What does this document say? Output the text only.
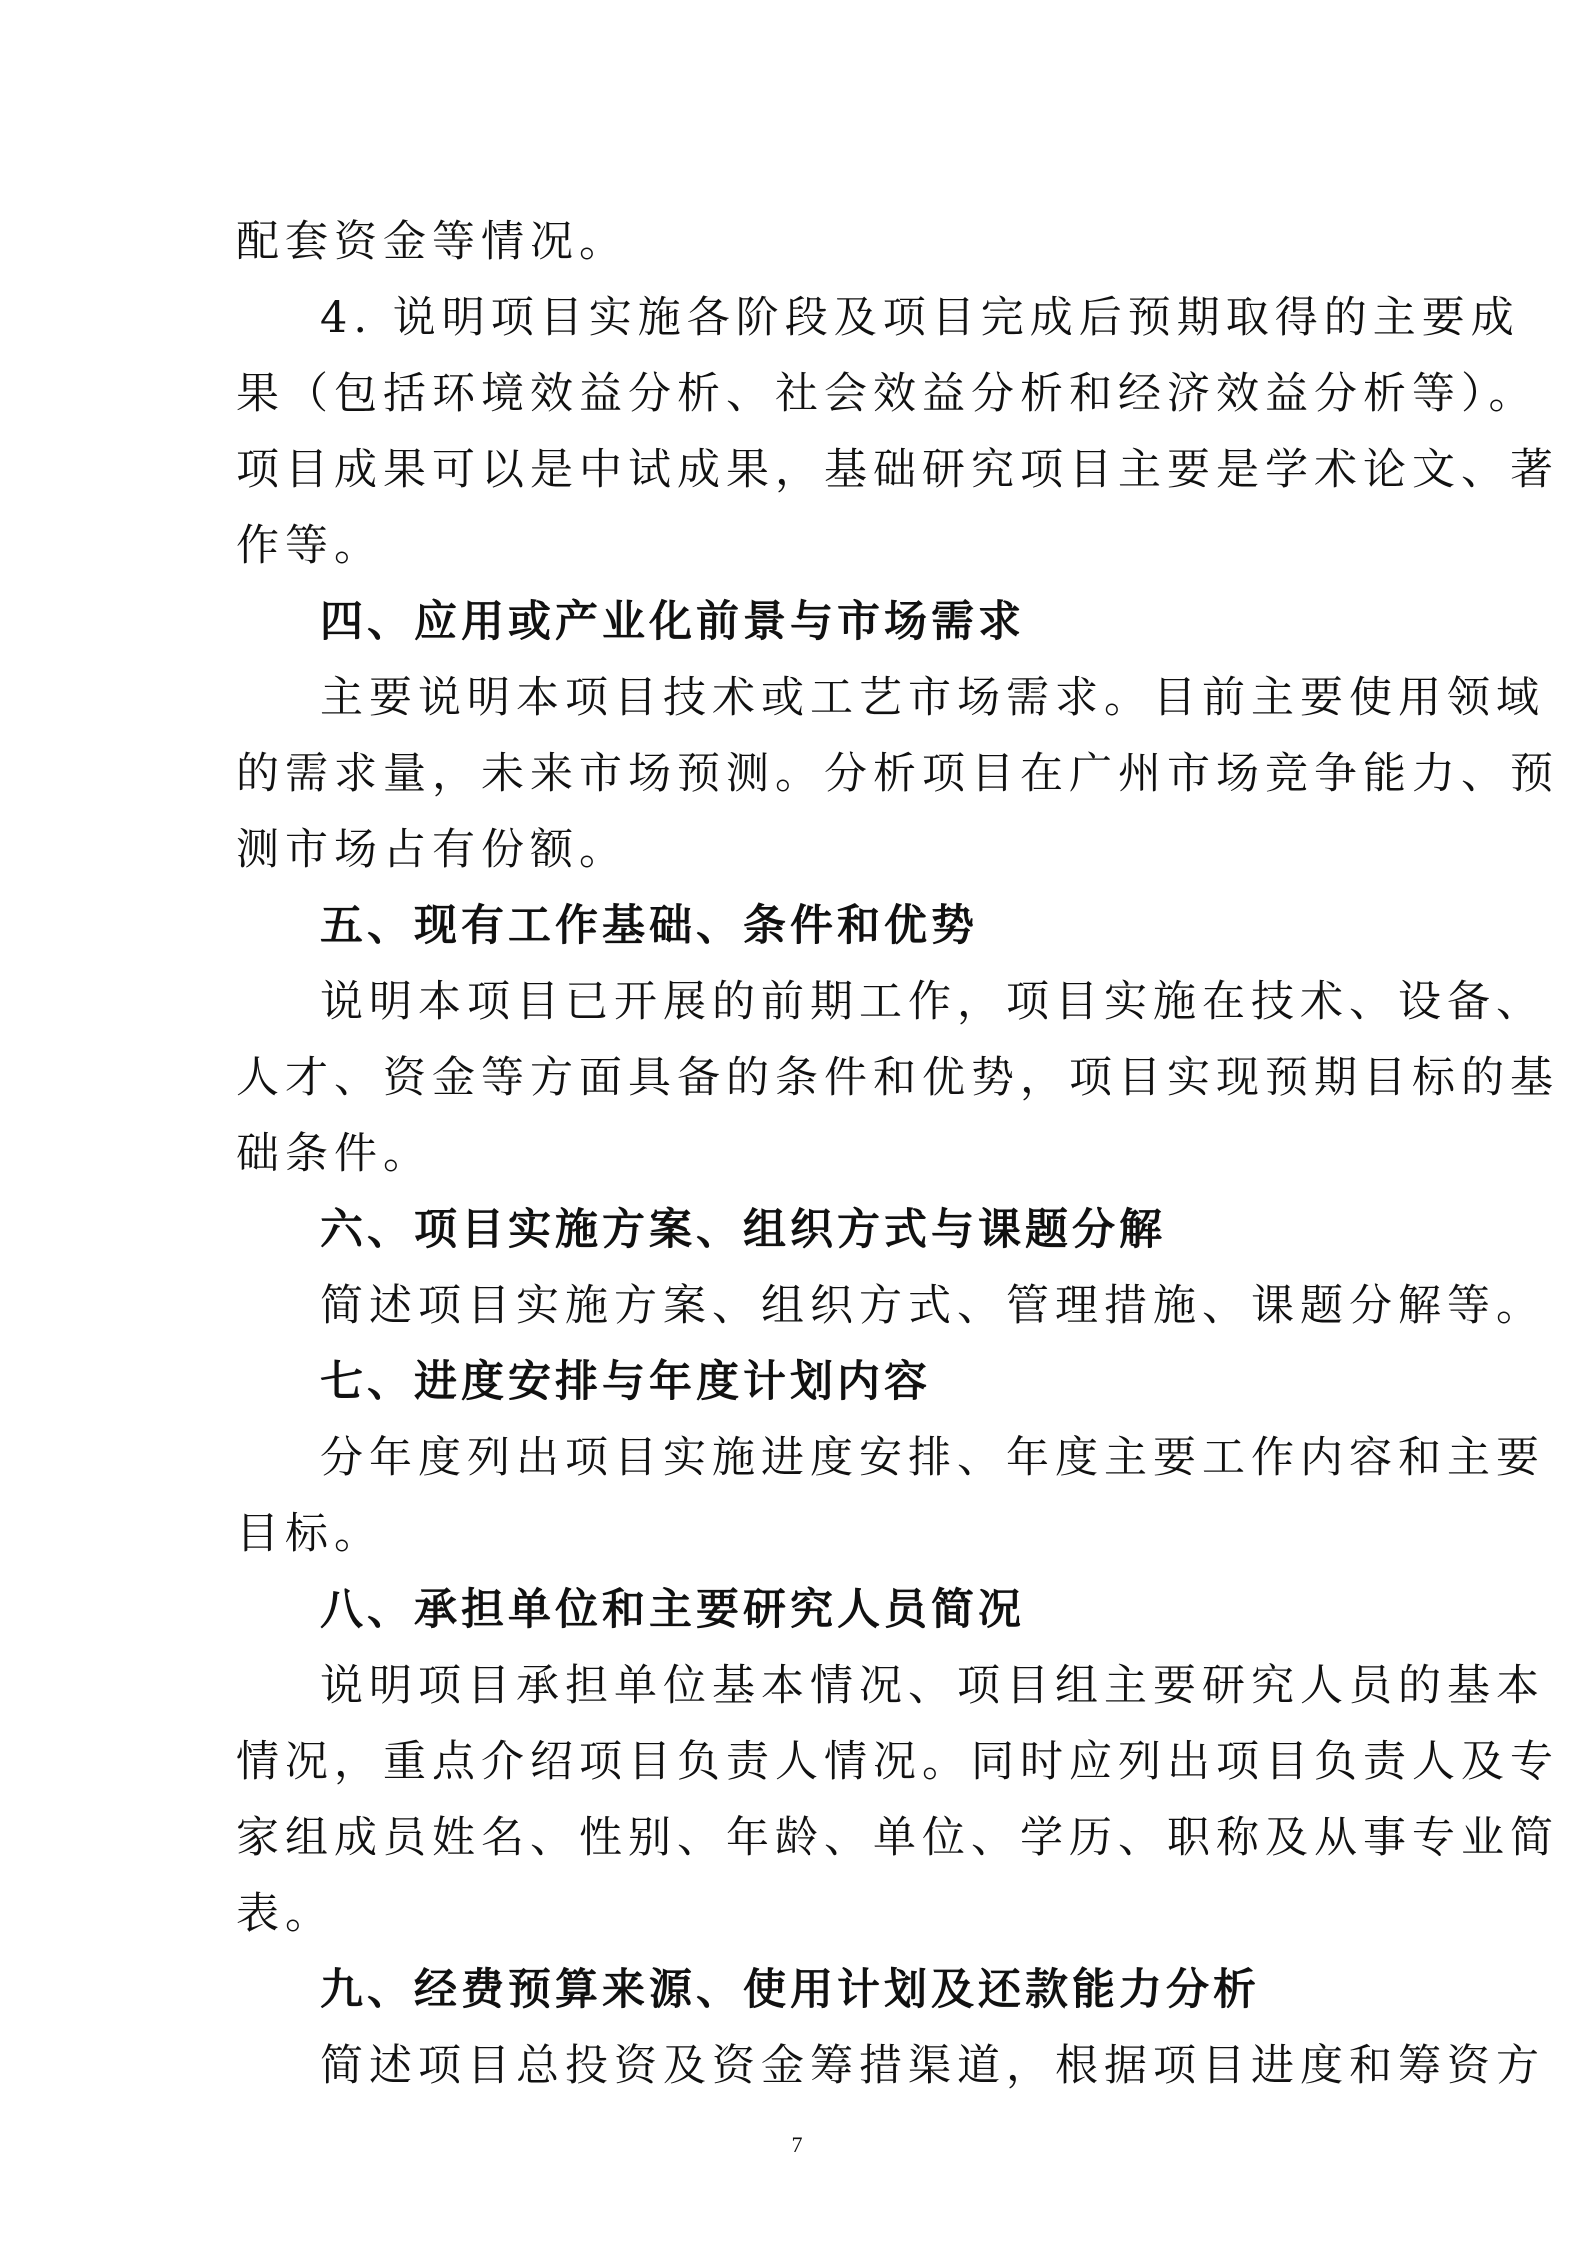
配套资金等情况。
4. 说明项目实施各阶段及项目完成后预期取得的主要成
果（包括环境效益分析、社会效益分析和经济效益分析等）。
项目成果可以是中试成果，基础研究项目主要是学术论文、著
作等。
四、应用或产业化前景与市场需求
主要说明本项目技术或工艺市场需求。目前主要使用领域
的需求量，未来市场预测。分析项目在广州市场竞争能力、预
测市场占有份额。
五、现有工作基础、条件和优势
说明本项目已开展的前期工作，项目实施在技术、设备、
人才、资金等方面具备的条件和优势，项目实现预期目标的基
础条件。
六、项目实施方案、组织方式与课题分解
简述项目实施方案、组织方式、管理措施、课题分解等。
七、进度安排与年度计划内容
分年度列出项目实施进度安排、年度主要工作内容和主要
目标。
八、承担单位和主要研究人员简况
说明项目承担单位基本情况、项目组主要研究人员的基本
情况，重点介绍项目负责人情况。同时应列出项目负责人及专
家组成员姓名、性别、年龄、单位、学历、职称及从事专业简
表。
九、经费预算来源、使用计划及还款能力分析
简述项目总投资及资金筹措渠道，根据项目进度和筹资方
7
